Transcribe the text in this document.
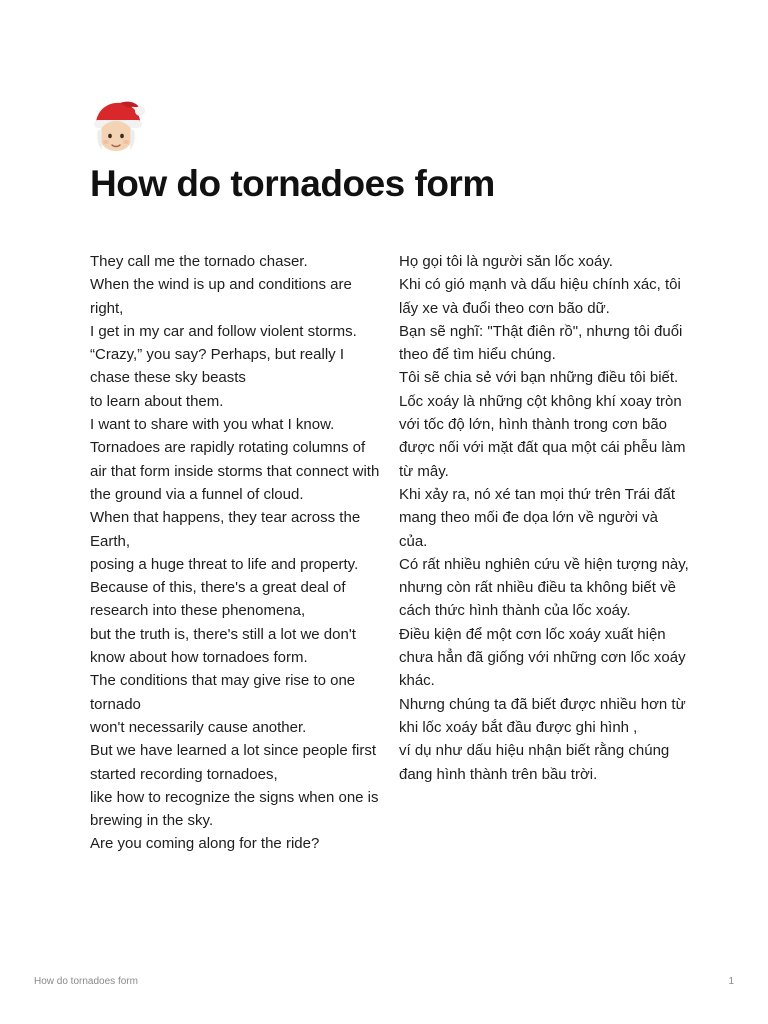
How do tornadoes form
They call me the tornado chaser.
When the wind is up and conditions are right,
I get in my car and follow violent storms.
“Crazy,” you say? Perhaps, but really I chase these sky beasts
to learn about them.
I want to share with you what I know.
Tornadoes are rapidly rotating columns of air that form inside storms that connect with the ground via a funnel of cloud.
When that happens, they tear across the Earth,
posing a huge threat to life and property.
Because of this, there's a great deal of research into these phenomena,
but the truth is, there's still a lot we don't know about how tornadoes form.
The conditions that may give rise to one tornado
won't necessarily cause another.
But we have learned a lot since people first started recording tornadoes,
like how to recognize the signs when one is brewing in the sky.
Are you coming along for the ride?
Họ gọi tôi là người săn lốc xoáy.
Khi có gió mạnh và dấu hiệu chính xác, tôi lấy xe và đuổi theo cơn bão dữ.
Bạn sẽ nghĩ: "Thật điên rồ", nhưng tôi đuổi theo để tìm hiểu chúng.
Tôi sẽ chia sẻ với bạn những điều tôi biết.
Lốc xoáy là những cột không khí xoay tròn với tốc độ lớn, hình thành trong cơn bão
được nối với mặt đất qua một cái phễu làm từ mây.
Khi xảy ra, nó xé tan mọi thứ trên Trái đất
mang theo mối đe dọa lớn về người và của.
Có rất nhiều nghiên cứu về hiện tượng này,
nhưng còn rất nhiều điều ta không biết về cách thức hình thành của lốc xoáy.
Điều kiện để một cơn lốc xoáy xuất hiện
chưa hẳn đã giống với những cơn lốc xoáy khác.
Nhưng chúng ta đã biết được nhiều hơn từ khi lốc xoáy bắt đầu được ghi hình ,
ví dụ như dấu hiệu nhận biết rằng chúng đang hình thành trên bầu trời.
How do tornadoes form	1
